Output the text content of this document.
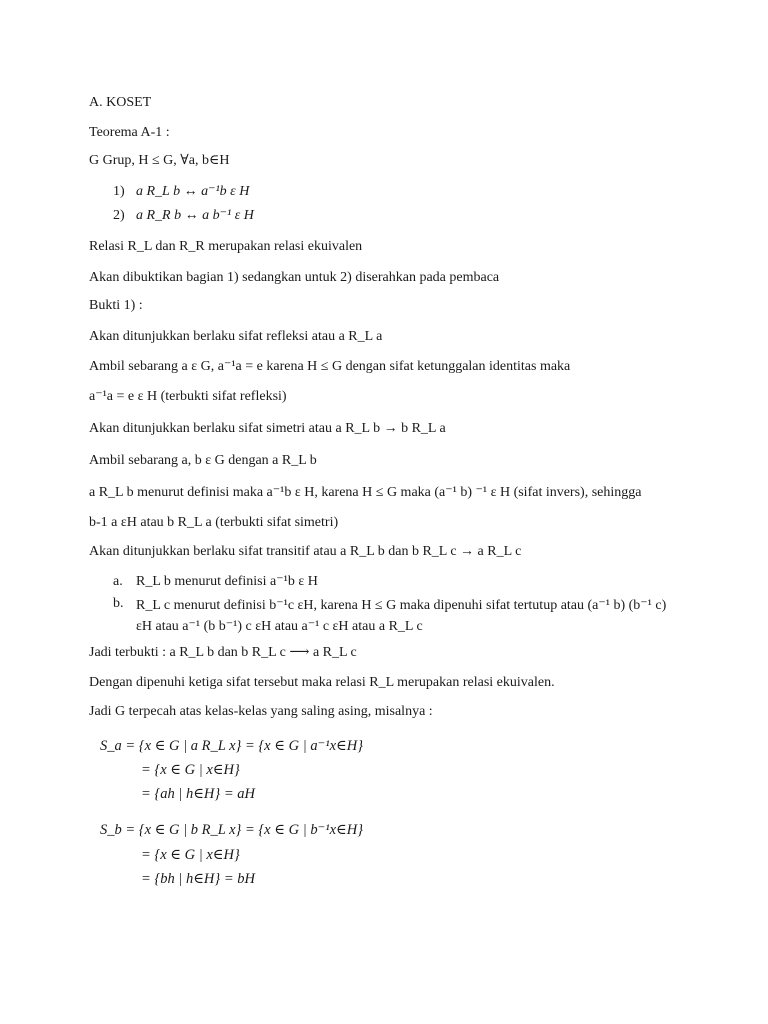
A. KOSET
Teorema A-1 :
G Grup, H ≤ G, ∀a, b∈H
1) a R_L b ↔ a⁻¹b ε H
2) a R_R b ↔ a b⁻¹ ε H
Relasi R_L dan R_R merupakan relasi ekuivalen
Akan dibuktikan bagian 1) sedangkan untuk 2) diserahkan pada pembaca
Bukti 1) :
Akan ditunjukkan berlaku sifat refleksi atau a R_L a
Ambil sebarang a ε G, a⁻¹a = e karena H ≤ G dengan sifat ketunggalan identitas maka
a⁻¹a = e ε H (terbukti sifat refleksi)
Akan ditunjukkan berlaku sifat simetri atau a R_L b → b R_L a
Ambil sebarang a, b ε G dengan a R_L b
a R_L b menurut definisi maka a⁻¹b ε H, karena H ≤ G maka (a⁻¹ b) ⁻¹ ε H (sifat invers), sehingga
b-1 a εH atau b R_L a (terbukti sifat simetri)
Akan ditunjukkan berlaku sifat transitif atau a R_L b dan b R_L c → a R_L c
a. R_L b menurut definisi a⁻¹b ε H
b. R_L c menurut definisi b⁻¹c εH, karena H ≤ G maka dipenuhi sifat tertutup atau (a⁻¹ b) (b⁻¹ c) εH atau a⁻¹ (b b⁻¹) c εH atau a⁻¹ c εH atau a R_L c
Jadi terbukti : a R_L b dan b R_L c ⟶ a R_L c
Dengan dipenuhi ketiga sifat tersebut maka relasi R_L merupakan relasi ekuivalen.
Jadi G terpecah atas kelas-kelas yang saling asing, misalnya :
S_a = {x ∈ G | a R_L x} = {x ∈ G | a⁻¹x∈H}
= {x ∈ G | x∈H}
= {ah | h∈H} = aH
S_b = {x ∈ G | b R_L x} = {x ∈ G | b⁻¹x∈H}
= {x ∈ G | x∈H}
= {bh | h∈H} = bH
